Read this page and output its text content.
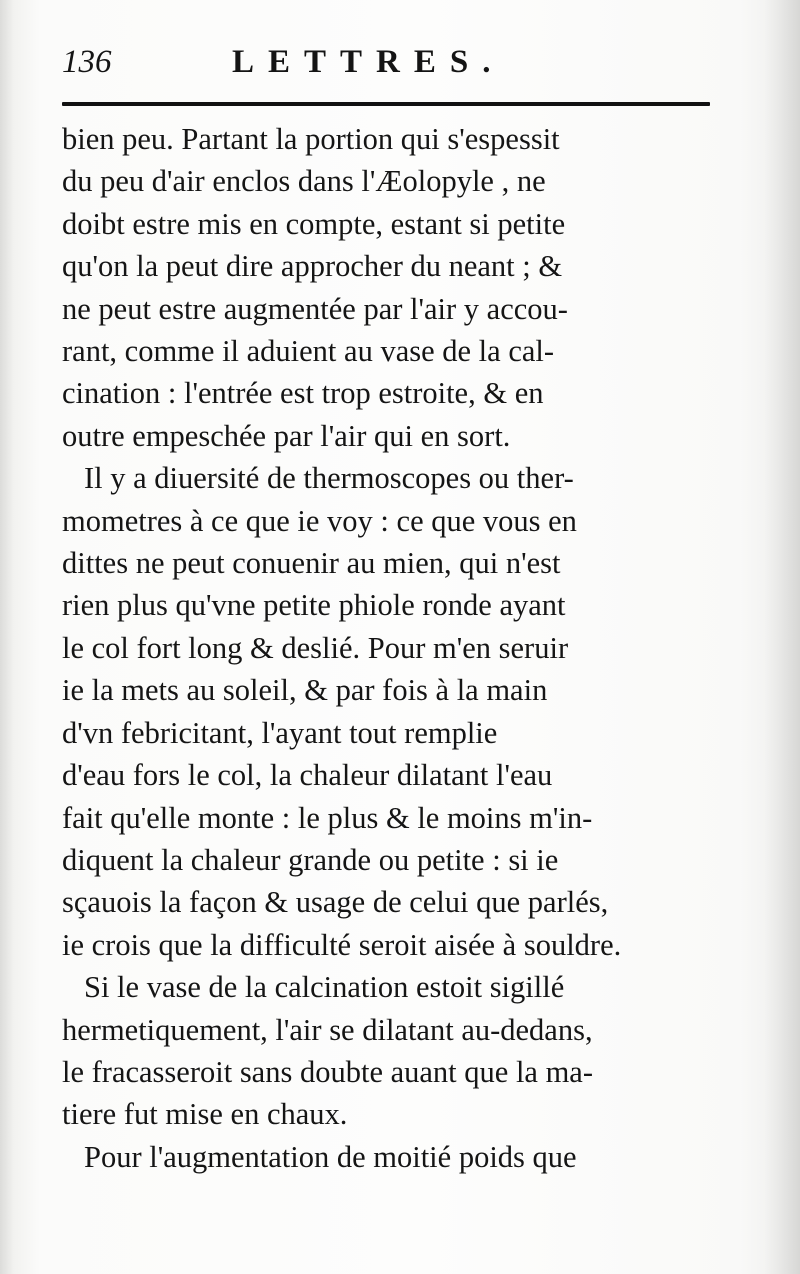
136	LETTRES.
bien peu. Partant la portion qui s'espessit
du peu d'air enclos dans l'Æolopyle , ne
doibt estre mis en compte, estant si petite
qu'on la peut dire approcher du neant ; &
ne peut estre augmentée par l'air y accou-
rant, comme il aduient au vase de la cal-
cination : l'entrée est trop estroite, & en
outre empeschée par l'air qui en sort.
Il y a diuersité de thermoscopes ou ther-
mometres à ce que ie voy : ce que vous en
dittes ne peut conuenir au mien, qui n'est
rien plus qu'vne petite phiole ronde ayant
le col fort long & deslié. Pour m'en seruir
ie la mets au soleil, & par fois à la main
d'vn febricitant, l'ayant tout remplie
d'eau fors le col, la chaleur dilatant l'eau
fait qu'elle monte : le plus & le moins m'in-
diquent la chaleur grande ou petite : si ie
sçauois la façon & usage de celui que parlés,
ie crois que la difficulté seroit aisée à souldre.
Si le vase de la calcination estoit sigillé
hermetiquement, l'air se dilatant au-dedans,
le fracasseroit sans doubte auant que la ma-
tiere fut mise en chaux.
Pour l'augmentation de moitié poids que
